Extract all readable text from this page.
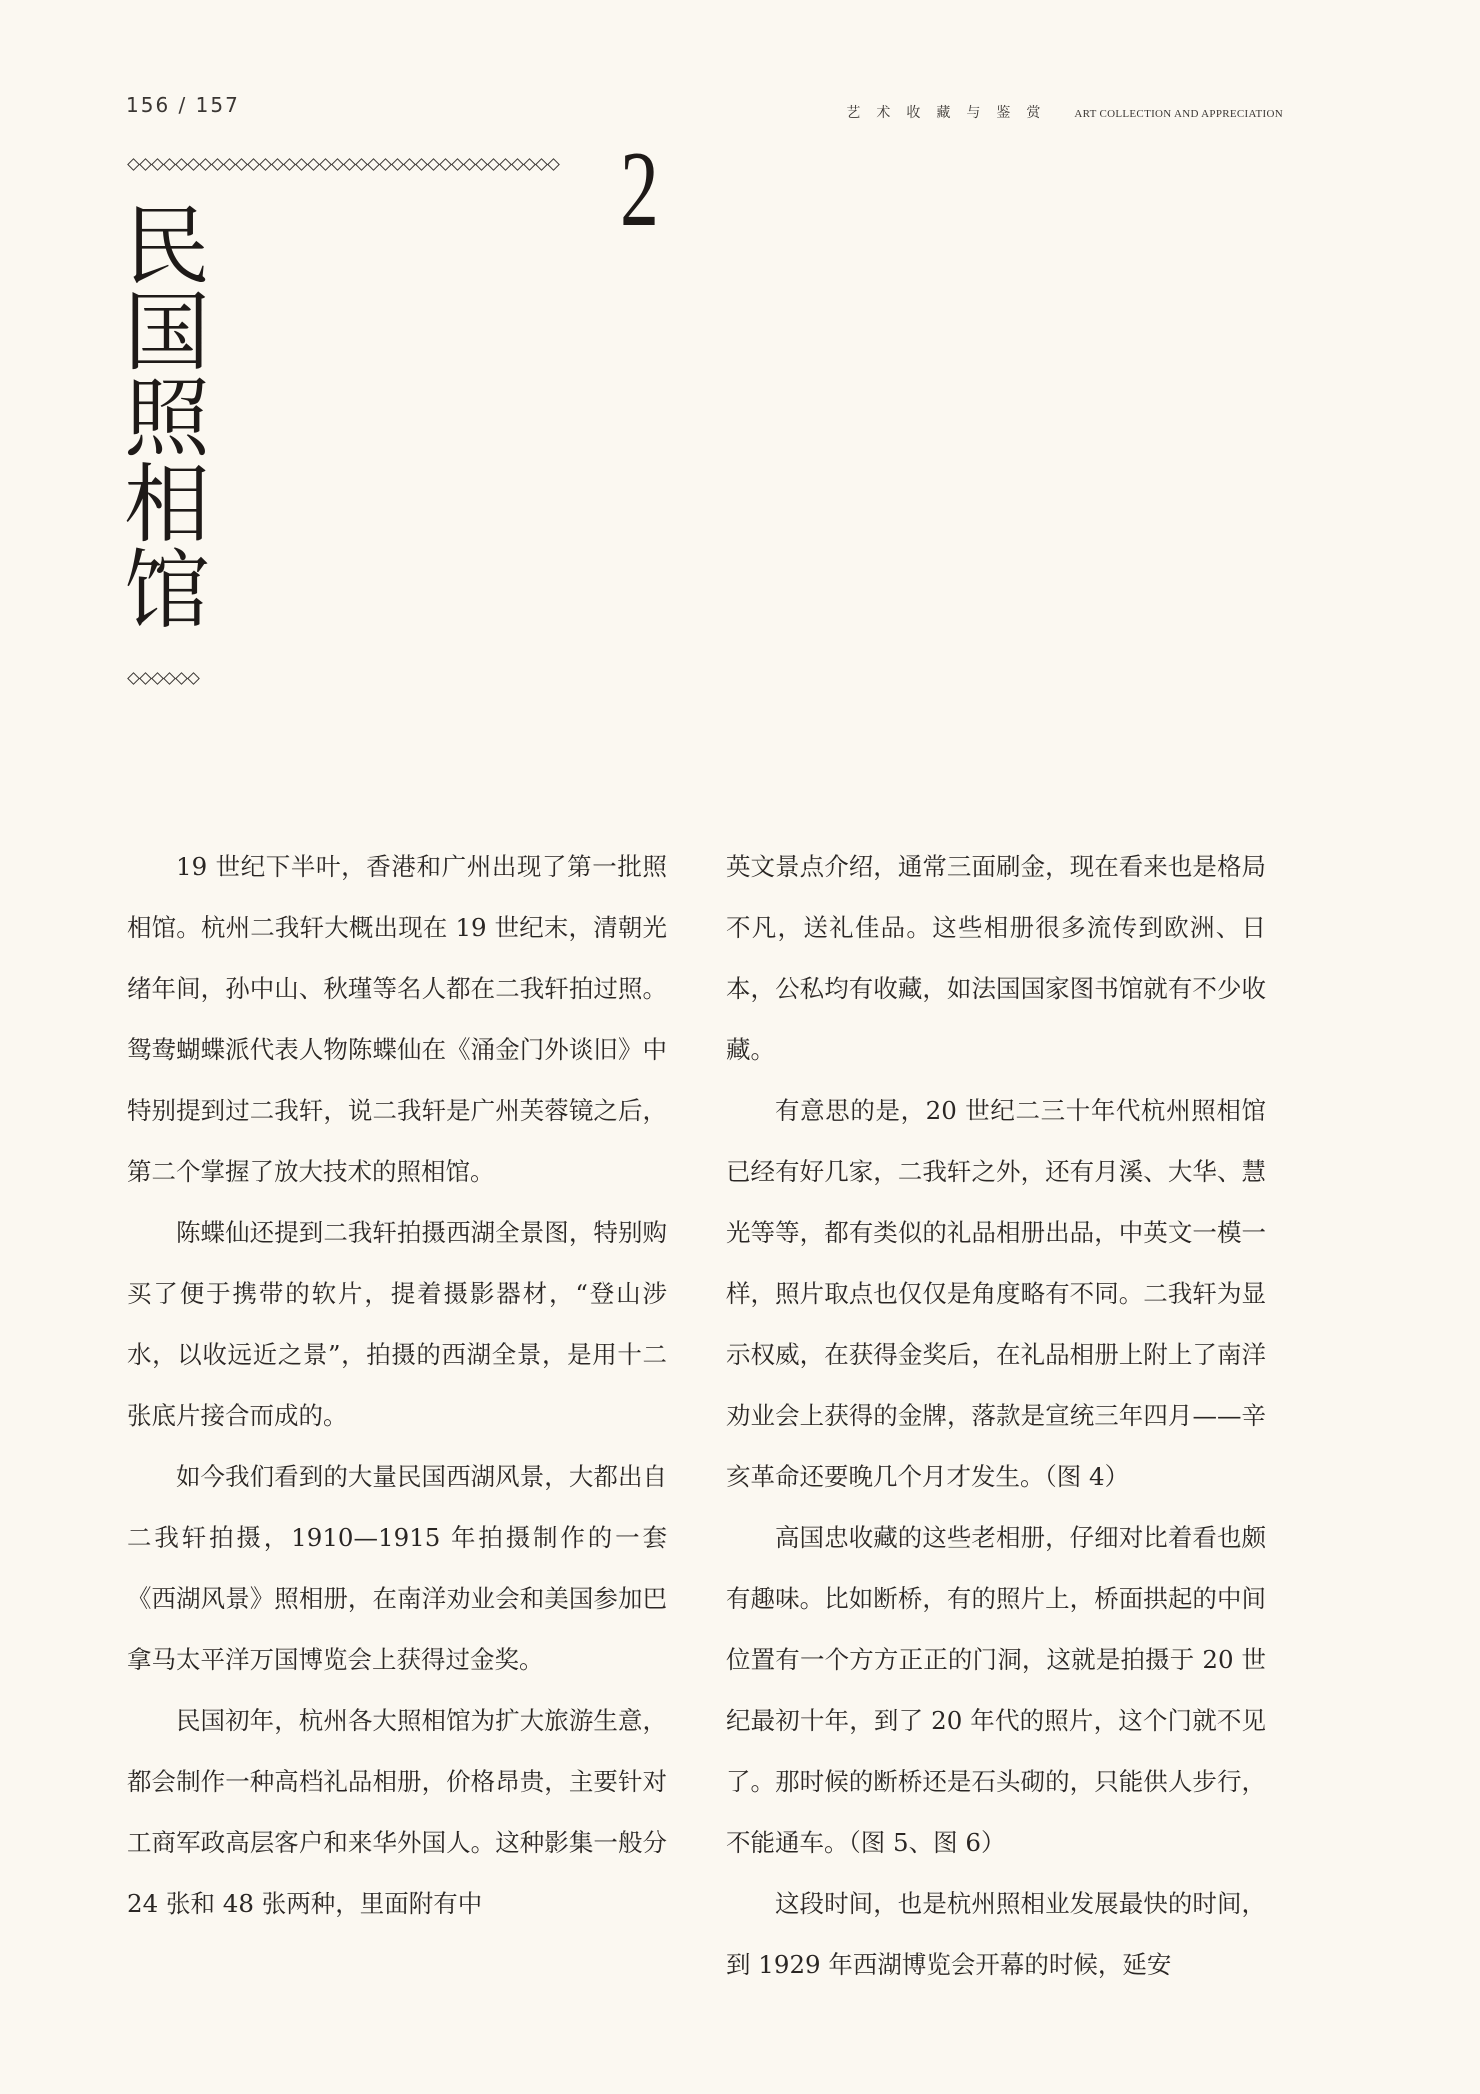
156 / 157	艺术收藏与鉴赏 ART COLLECTION AND APPRECIATION
2
民
国
照
相
馆

19 世纪下半叶，香港和广州出现了第一批照相馆。杭州二我轩大概出现在 19 世纪末，清朝光绪年间，孙中山、秋瑾等名人都在二我轩拍过照。鸳鸯蝴蝶派代表人物陈蝶仙在《涌金门外谈旧》中特别提到过二我轩，说二我轩是广州芙蓉镜之后，第二个掌握了放大技术的照相馆。

陈蝶仙还提到二我轩拍摄西湖全景图，特别购买了便于携带的软片，提着摄影器材，“登山涉水，以收远近之景”，拍摄的西湖全景，是用十二张底片接合而成的。

如今我们看到的大量民国西湖风景，大都出自二我轩拍摄，1910—1915 年拍摄制作的一套《西湖风景》照相册，在南洋劝业会和美国参加巴拿马太平洋万国博览会上获得过金奖。

民国初年，杭州各大照相馆为扩大旅游生意，都会制作一种高档礼品相册，价格昂贵，主要针对工商军政高层客户和来华外国人。这种影集一般分 24 张和 48 张两种，里面附有中

英文景点介绍，通常三面刷金，现在看来也是格局不凡，送礼佳品。这些相册很多流传到欧洲、日本，公私均有收藏，如法国国家图书馆就有不少收藏。

有意思的是，20 世纪二三十年代杭州照相馆已经有好几家，二我轩之外，还有月溪、大华、慧光等等，都有类似的礼品相册出品，中英文一模一样，照片取点也仅仅是角度略有不同。二我轩为显示权威，在获得金奖后，在礼品相册上附上了南洋劝业会上获得的金牌，落款是宣统三年四月——辛亥革命还要晚几个月才发生。（图 4）

高国忠收藏的这些老相册，仔细对比着看也颇有趣味。比如断桥，有的照片上，桥面拱起的中间位置有一个方方正正的门洞，这就是拍摄于 20 世纪最初十年，到了 20 年代的照片，这个门就不见了。那时候的断桥还是石头砌的，只能供人步行，不能通车。（图 5、图 6）

这段时间，也是杭州照相业发展最快的时间，到 1929 年西湖博览会开幕的时候，延安
